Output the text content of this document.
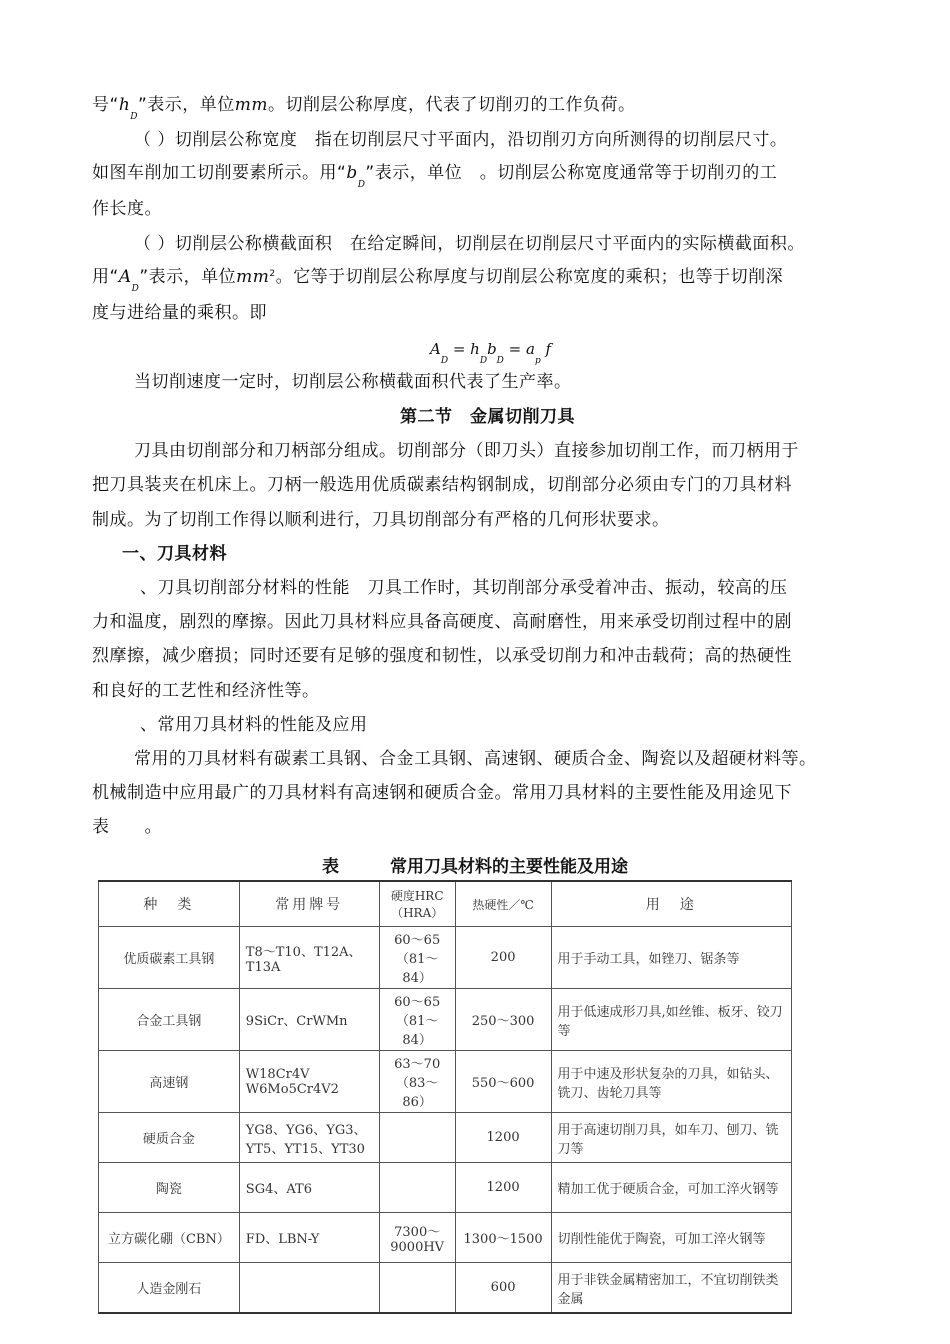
号“$h_D$”表示，单位mm。切削层公称厚度，代表了切削刃的工作负荷。
（ ）切削层公称宽度　指在切削层尺寸平面内，沿切削刃方向所测得的切削层尺寸。
如图车削加工切削要素所示。用“$b_D$”表示，单位　。切削层公称宽度通常等于切削刃的工
作长度。
（ ）切削层公称横截面积　在给定瞬间，切削层在切削层尺寸平面内的实际横截面积。
用“$A_D$”表示，单位$mm^2$。它等于切削层公称厚度与切削层公称宽度的乘积；也等于切削深
度与进给量的乘积。即
$A_D = h_Db_D = a_p$ f
当切削速度一定时，切削层公称横截面积代表了生产率。
第二节　金属切削刀具
刀具由切削部分和刀柄部分组成。切削部分（即刀头）直接参加切削工作，而刀柄用于
把刀具装夹在机床上。刀柄一般选用优质碳素结构钢制成，切削部分必须由专门的刀具材料
制成。为了切削工作得以顺利进行，刀具切削部分有严格的几何形状要求。
一、刀具材料
、刀具切削部分材料的性能　刀具工作时，其切削部分承受着冲击、振动，较高的压
力和温度，剧烈的摩擦。因此刀具材料应具备高硬度、高耐磨性，用来承受切削过程中的剧
烈摩擦，减少磨损；同时还要有足够的强度和韧性，以承受切削力和冲击载荷；高的热硬性
和良好的工艺性和经济性等。
、常用刀具材料的性能及应用
常用的刀具材料有碳素工具钢、合金工具钢、高速钢、硬质合金、陶瓷以及超硬材料等。
机械制造中应用最广的刀具材料有高速钢和硬质合金。常用刀具材料的主要性能及用途见下
表　　。
表　　　常用刀具材料的主要性能及用途
种　类	常用牌号	硬度HRC（HRA）	热硬性／℃	用　途
优质碳素工具钢	T8～T10、T12A、T13A	60～65（81～84）	200	用于手动工具，如锉刀、锯条等
合金工具钢	9SiCr、CrWMn	60～65（81～84）	250～300	用于低速成形刀具,如丝锥、板牙、铰刀等
高速钢	W18Cr4V W6Mo5Cr4V2	63～70（83～86）	550～600	用于中速及形状复杂的刀具，如钻头、铣刀、齿轮刀具等
硬质合金	YG8、YG6、YG3、YT5、YT15、YT30		1200	用于高速切削刀具，如车刀、刨刀、铣刀等
陶瓷	SG4、AT6		1200	精加工优于硬质合金，可加工淬火钢等
立方碳化硼（CBN）	FD、LBN-Y	7300～9000HV	1300～1500	切削性能优于陶瓷，可加工淬火钢等
人造金刚石			600	用于非铁金属精密加工，不宜切削铁类金属
